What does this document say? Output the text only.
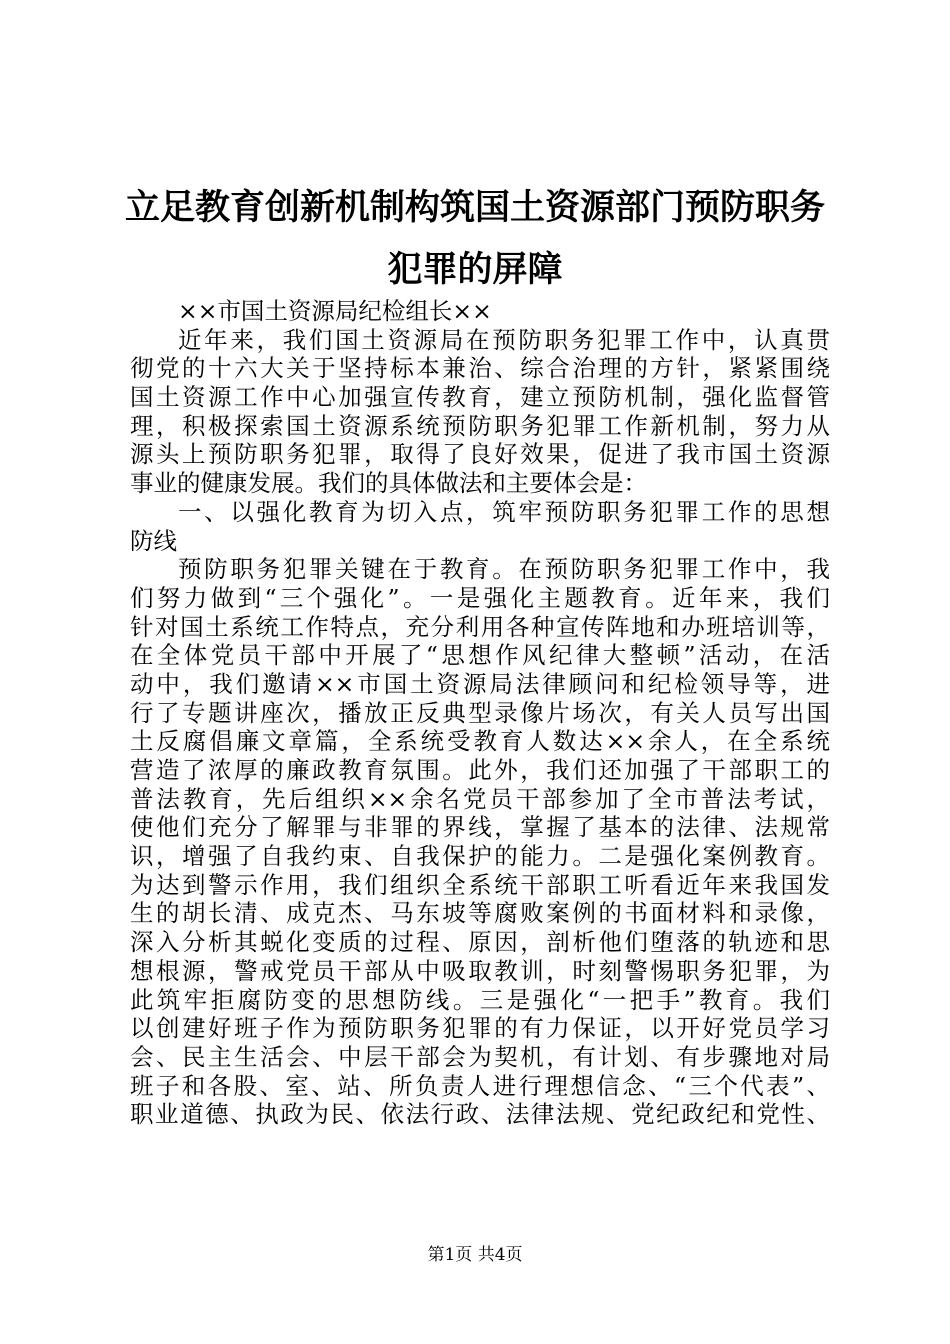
立足教育创新机制构筑国土资源部门预防职务
犯罪的屏障
××市国土资源局纪检组长××
近年来，我们国土资源局在预防职务犯罪工作中，认真贯
彻党的十六大关于坚持标本兼治、综合治理的方针，紧紧围绕
国土资源工作中心加强宣传教育，建立预防机制，强化监督管
理，积极探索国土资源系统预防职务犯罪工作新机制，努力从
源头上预防职务犯罪，取得了良好效果，促进了我市国土资源
事业的健康发展。我们的具体做法和主要体会是：
一、以强化教育为切入点，筑牢预防职务犯罪工作的思想
防线
预防职务犯罪关键在于教育。在预防职务犯罪工作中，我
们努力做到“三个强化”。一是强化主题教育。近年来，我们
针对国土系统工作特点，充分利用各种宣传阵地和办班培训等，
在全体党员干部中开展了“思想作风纪律大整顿”活动，在活
动中，我们邀请××市国土资源局法律顾问和纪检领导等，进
行了专题讲座次，播放正反典型录像片场次，有关人员写出国
土反腐倡廉文章篇，全系统受教育人数达××余人，在全系统
营造了浓厚的廉政教育氛围。此外，我们还加强了干部职工的
普法教育，先后组织××余名党员干部参加了全市普法考试，
使他们充分了解罪与非罪的界线，掌握了基本的法律、法规常
识，增强了自我约束、自我保护的能力。二是强化案例教育。
为达到警示作用，我们组织全系统干部职工听看近年来我国发
生的胡长清、成克杰、马东坡等腐败案例的书面材料和录像，
深入分析其蜕化变质的过程、原因，剖析他们堕落的轨迹和思
想根源，警戒党员干部从中吸取教训，时刻警惕职务犯罪，为
此筑牢拒腐防变的思想防线。三是强化“一把手”教育。我们
以创建好班子作为预防职务犯罪的有力保证，以开好党员学习
会、民主生活会、中层干部会为契机，有计划、有步骤地对局
班子和各股、室、站、所负责人进行理想信念、“三个代表”、
职业道德、执政为民、依法行政、法律法规、党纪政纪和党性、
第1页 共4页
